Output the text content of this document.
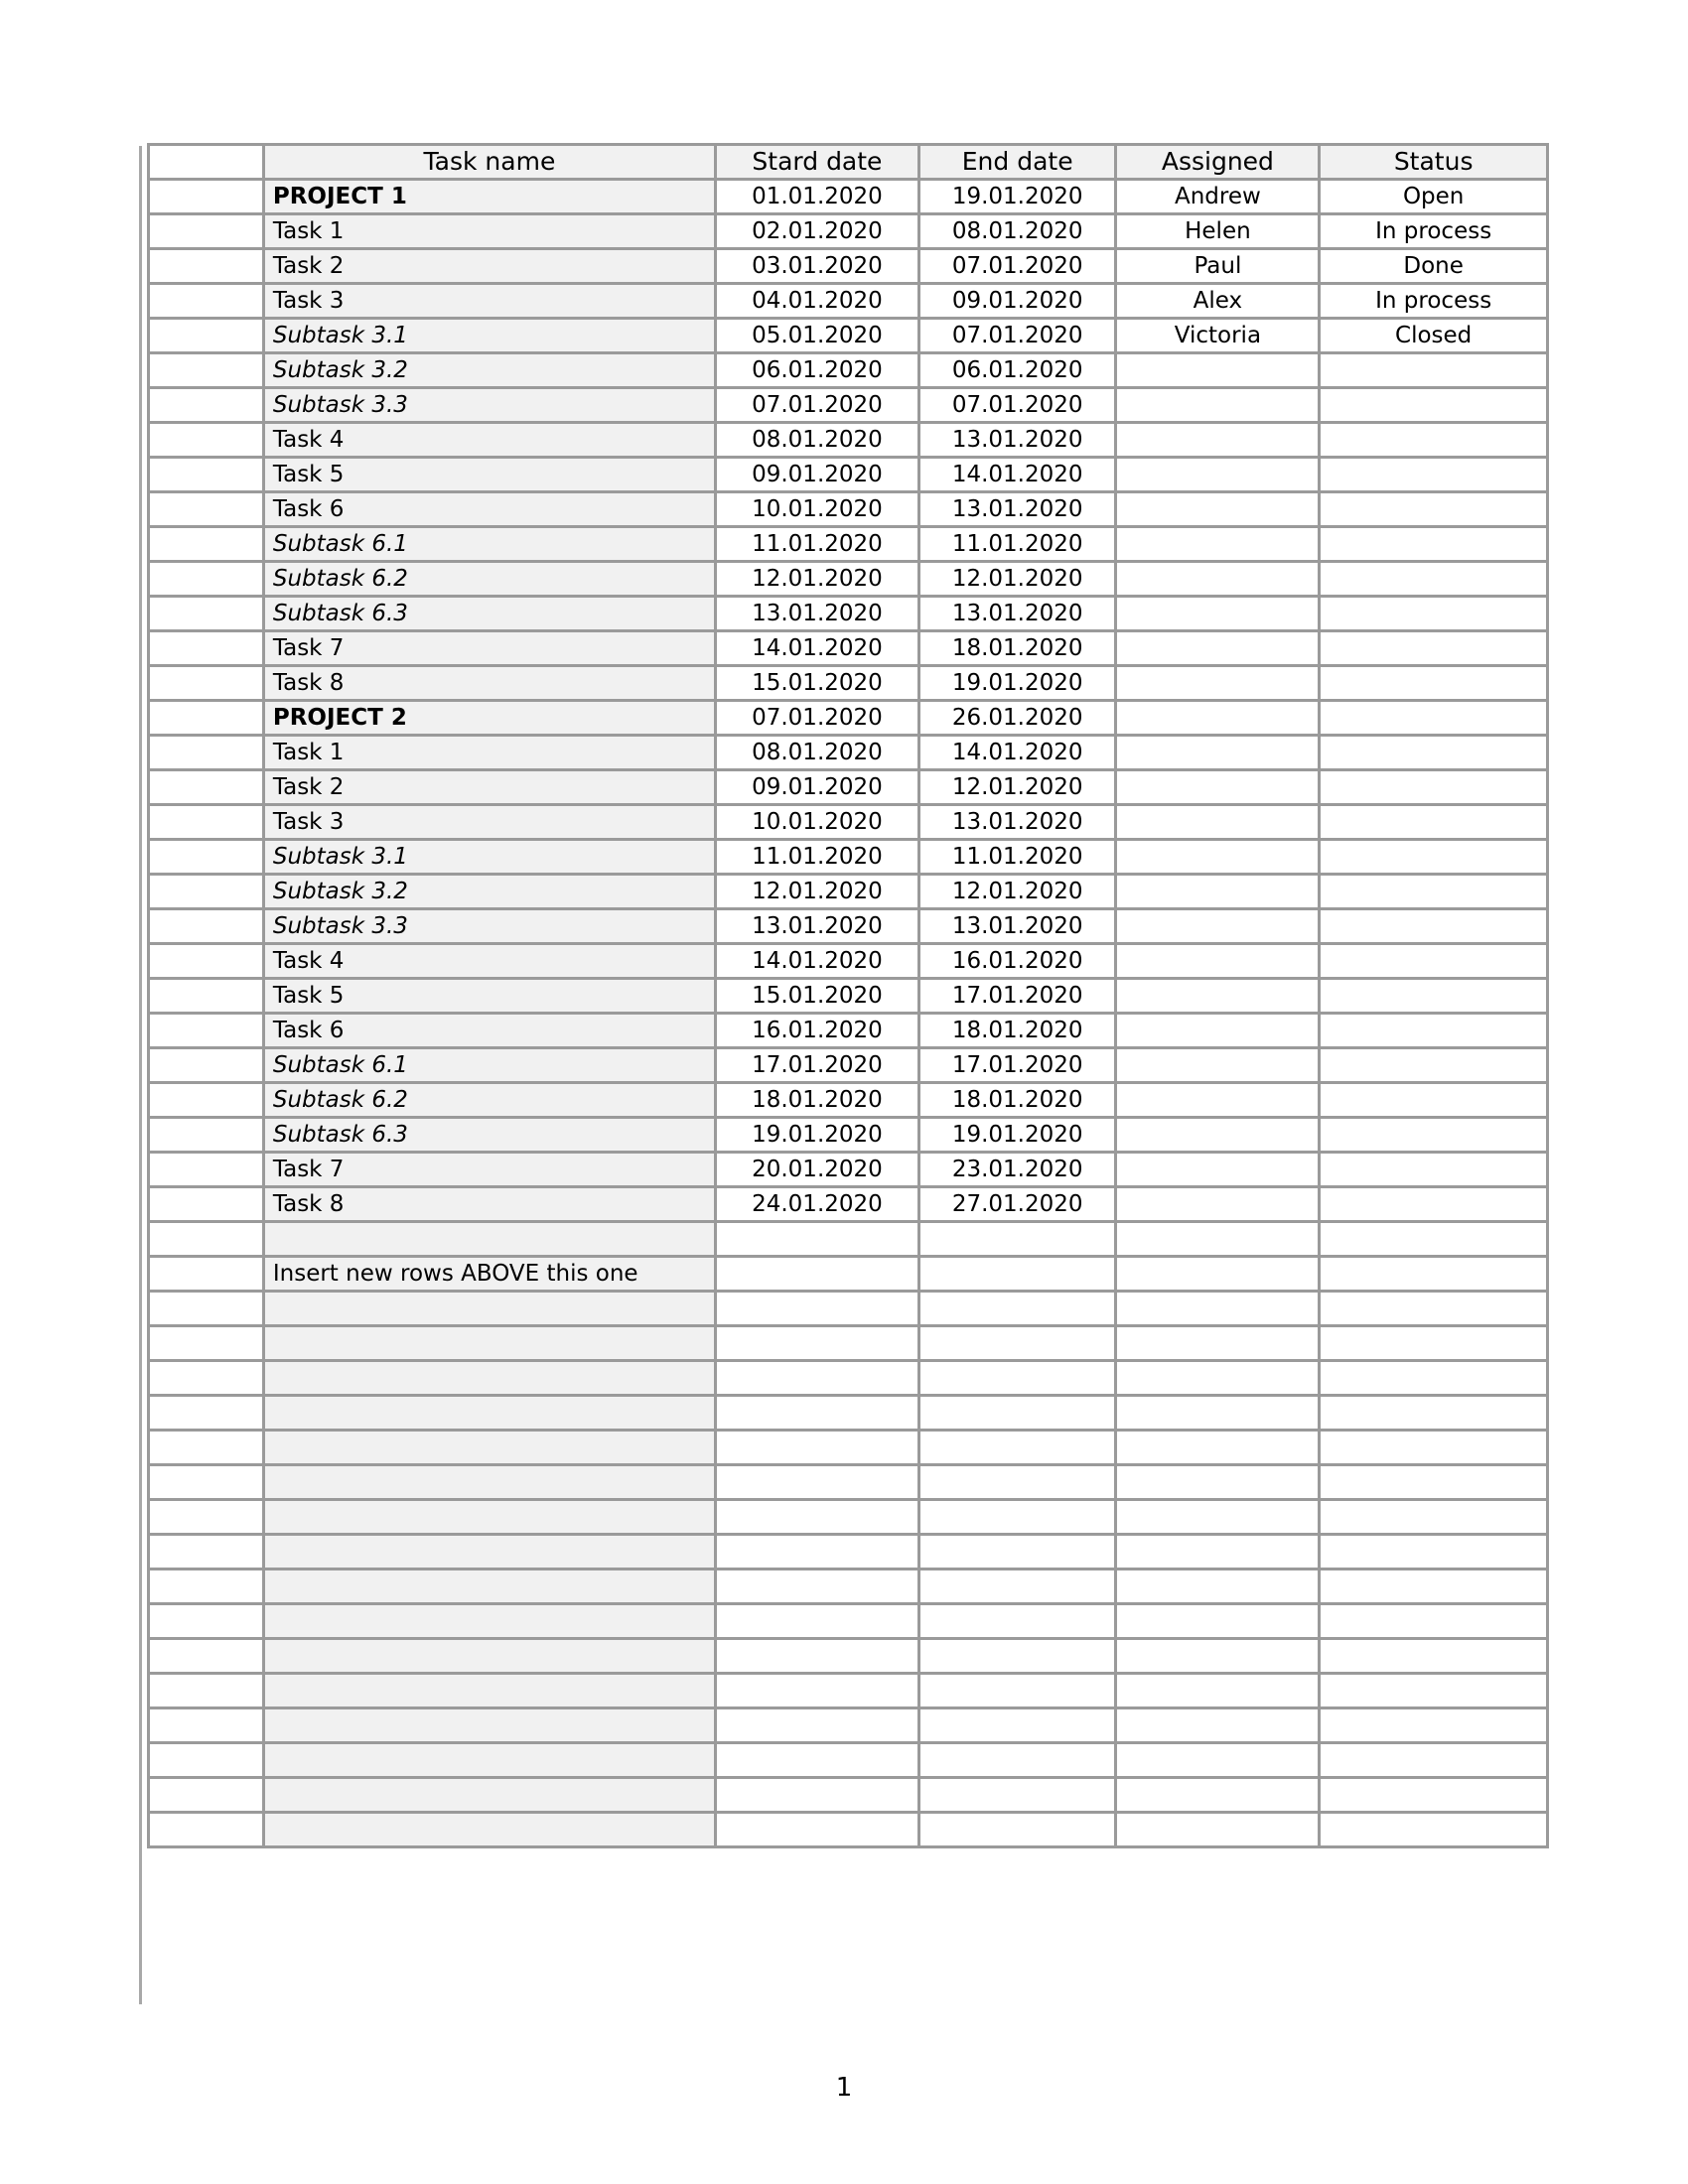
	Task name	Stard date	End date	Assigned	Status
	PROJECT 1	01.01.2020	19.01.2020	Andrew	Open
	Task 1	02.01.2020	08.01.2020	Helen	In process
	Task 2	03.01.2020	07.01.2020	Paul	Done
	Task 3	04.01.2020	09.01.2020	Alex	In process
	Subtask 3.1	05.01.2020	07.01.2020	Victoria	Closed
	Subtask 3.2	06.01.2020	06.01.2020		
	Subtask 3.3	07.01.2020	07.01.2020		
	Task 4	08.01.2020	13.01.2020		
	Task 5	09.01.2020	14.01.2020		
	Task 6	10.01.2020	13.01.2020		
	Subtask 6.1	11.01.2020	11.01.2020		
	Subtask 6.2	12.01.2020	12.01.2020		
	Subtask 6.3	13.01.2020	13.01.2020		
	Task 7	14.01.2020	18.01.2020		
	Task 8	15.01.2020	19.01.2020		
	PROJECT 2	07.01.2020	26.01.2020		
	Task 1	08.01.2020	14.01.2020		
	Task 2	09.01.2020	12.01.2020		
	Task 3	10.01.2020	13.01.2020		
	Subtask 3.1	11.01.2020	11.01.2020		
	Subtask 3.2	12.01.2020	12.01.2020		
	Subtask 3.3	13.01.2020	13.01.2020		
	Task 4	14.01.2020	16.01.2020		
	Task 5	15.01.2020	17.01.2020		
	Task 6	16.01.2020	18.01.2020		
	Subtask 6.1	17.01.2020	17.01.2020		
	Subtask 6.2	18.01.2020	18.01.2020		
	Subtask 6.3	19.01.2020	19.01.2020		
	Task 7	20.01.2020	23.01.2020		
	Task 8	24.01.2020	27.01.2020		

	Insert new rows ABOVE this one				

1
